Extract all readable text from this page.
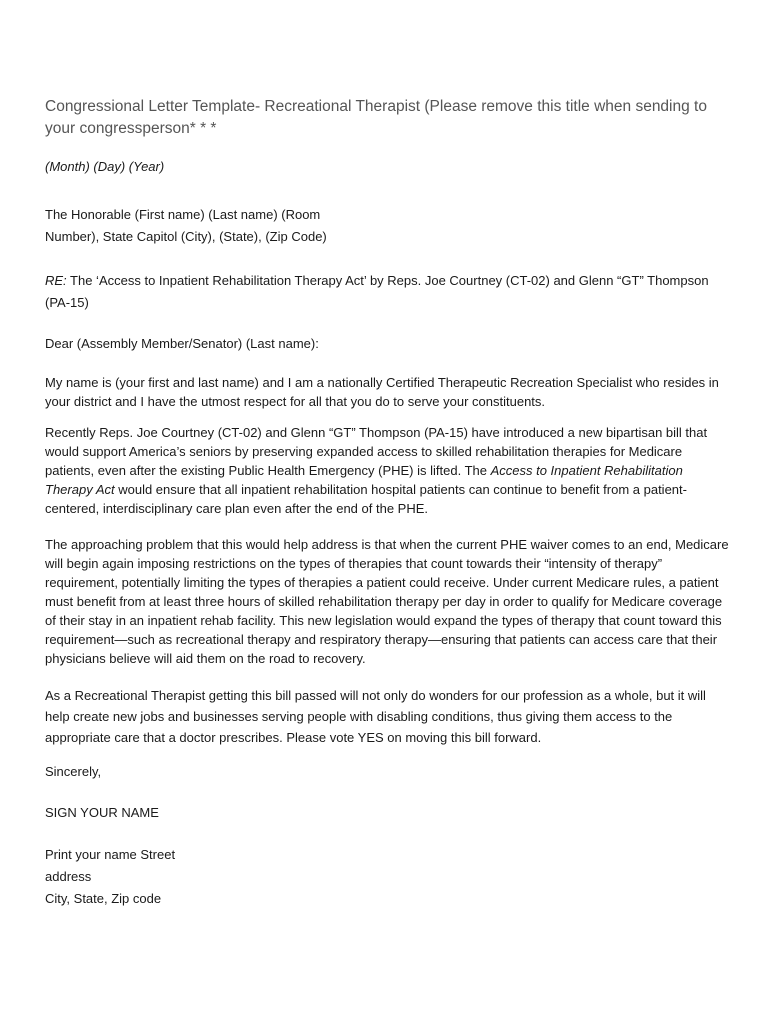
Congressional Letter Template- Recreational Therapist (Please remove this title when sending to your congressperson* * *
(Month) (Day) (Year)
The Honorable (First name) (Last name) (Room
Number), State Capitol (City), (State), (Zip Code)
RE: The ‘Access to Inpatient Rehabilitation Therapy Act’ by Reps. Joe Courtney (CT-02) and Glenn “GT” Thompson (PA-15)
Dear (Assembly Member/Senator) (Last name):
My name is (your first and last name) and I am a nationally Certified Therapeutic Recreation Specialist who resides in your district and I have the utmost respect for all that you do to serve your constituents.
Recently Reps. Joe Courtney (CT-02) and Glenn “GT” Thompson (PA-15) have introduced a new bipartisan bill that would support America’s seniors by preserving expanded access to skilled rehabilitation therapies for Medicare patients, even after the existing Public Health Emergency (PHE) is lifted. The Access to Inpatient Rehabilitation Therapy Act would ensure that all inpatient rehabilitation hospital patients can continue to benefit from a patient-centered, interdisciplinary care plan even after the end of the PHE.
The approaching problem that this would help address is that when the current PHE waiver comes to an end, Medicare will begin again imposing restrictions on the types of therapies that count towards their “intensity of therapy” requirement, potentially limiting the types of therapies a patient could receive. Under current Medicare rules, a patient must benefit from at least three hours of skilled rehabilitation therapy per day in order to qualify for Medicare coverage of their stay in an inpatient rehab facility. This new legislation would expand the types of therapy that count toward this requirement—such as recreational therapy and respiratory therapy—ensuring that patients can access care that their physicians believe will aid them on the road to recovery.
As a Recreational Therapist getting this bill passed will not only do wonders for our profession as a whole, but it will help create new jobs and businesses serving people with disabling conditions, thus giving them access to the appropriate care that a doctor prescribes. Please vote YES on moving this bill forward.
Sincerely,
SIGN YOUR NAME
Print your name Street
address
City, State, Zip code
